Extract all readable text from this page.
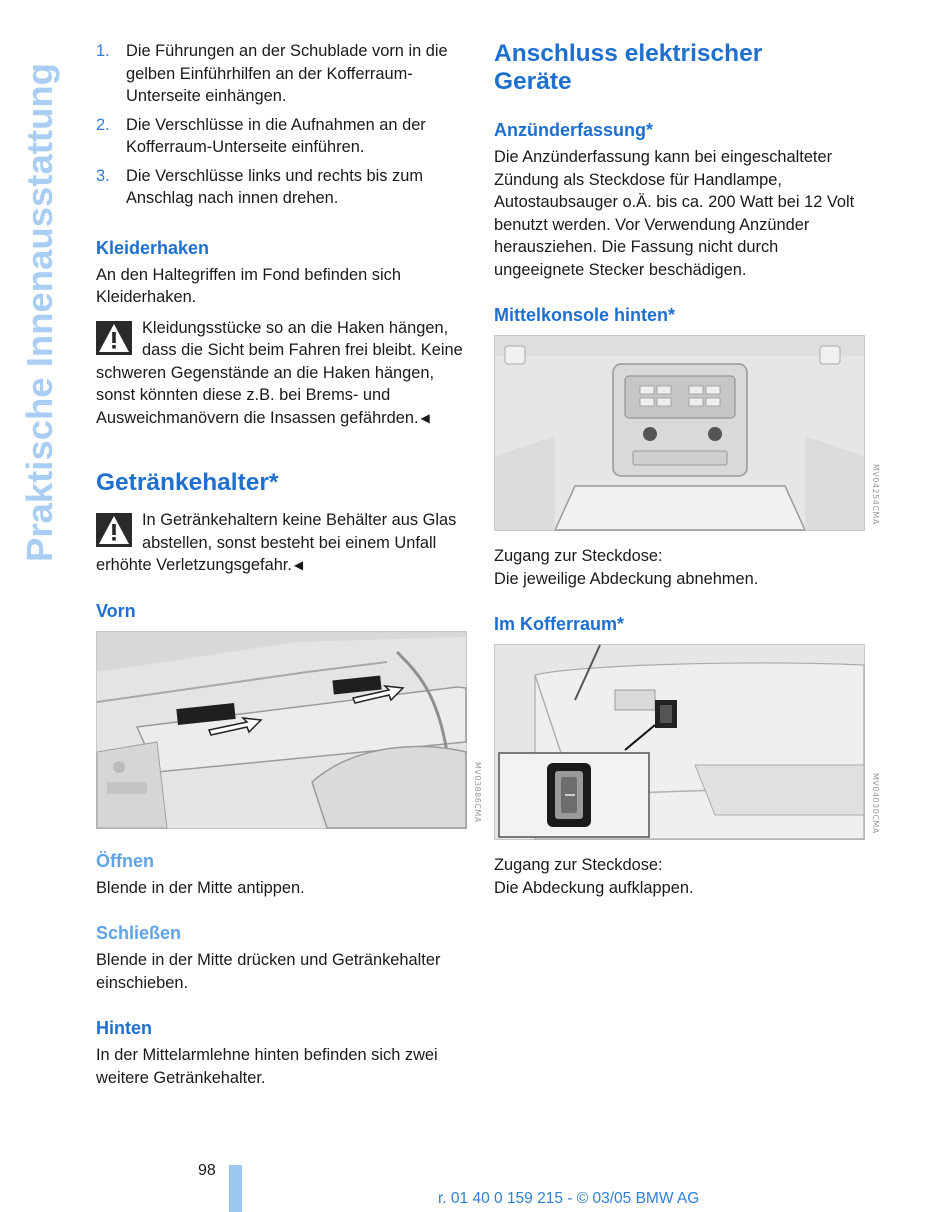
Praktische Innenausstattung
1. Die Führungen an der Schublade vorn in die gelben Einführhilfen an der Kofferraum-Unterseite einhängen.
2. Die Verschlüsse in die Aufnahmen an der Kofferraum-Unterseite einführen.
3. Die Verschlüsse links und rechts bis zum Anschlag nach innen drehen.
Kleiderhaken

An den Haltegriffen im Fond befinden sich Kleiderhaken.

Kleidungsstücke so an die Haken hängen, dass die Sicht beim Fahren frei bleibt. Keine schweren Gegenstände an die Haken hängen, sonst könnten diese z.B. bei Brems- und Ausweichmanövern die Insassen gefährden. ◀

Getränkehalter*

In Getränkehaltern keine Behälter aus Glas abstellen, sonst besteht bei einem Unfall erhöhte Verletzungsgefahr. ◀

Vorn
MV03886CMA
Öffnen

Blende in der Mitte antippen.

Schließen

Blende in der Mitte drücken und Getränkehalter einschieben.

Hinten

In der Mittelarmlehne hinten befinden sich zwei weitere Getränkehalter.

Anschluss elektrischer Geräte
Anzünderfassung*

Die Anzünderfassung kann bei eingeschalteter Zündung als Steckdose für Handlampe, Autostaubsauger o.Ä. bis ca. 200 Watt bei 12 Volt benutzt werden. Vor Verwendung Anzünder herausziehen. Die Fassung nicht durch ungeeignete Stecker beschädigen.

Mittelkonsole hinten*
MV04254CMA

Zugang zur Steckdose:

Die jeweilige Abdeckung abnehmen.

Im Kofferraum*
MV04030CMA

Zugang zur Steckdose:

Die Abdeckung aufklappen.

98
r. 01 40 0 159 215 - © 03/05 BMW AG
